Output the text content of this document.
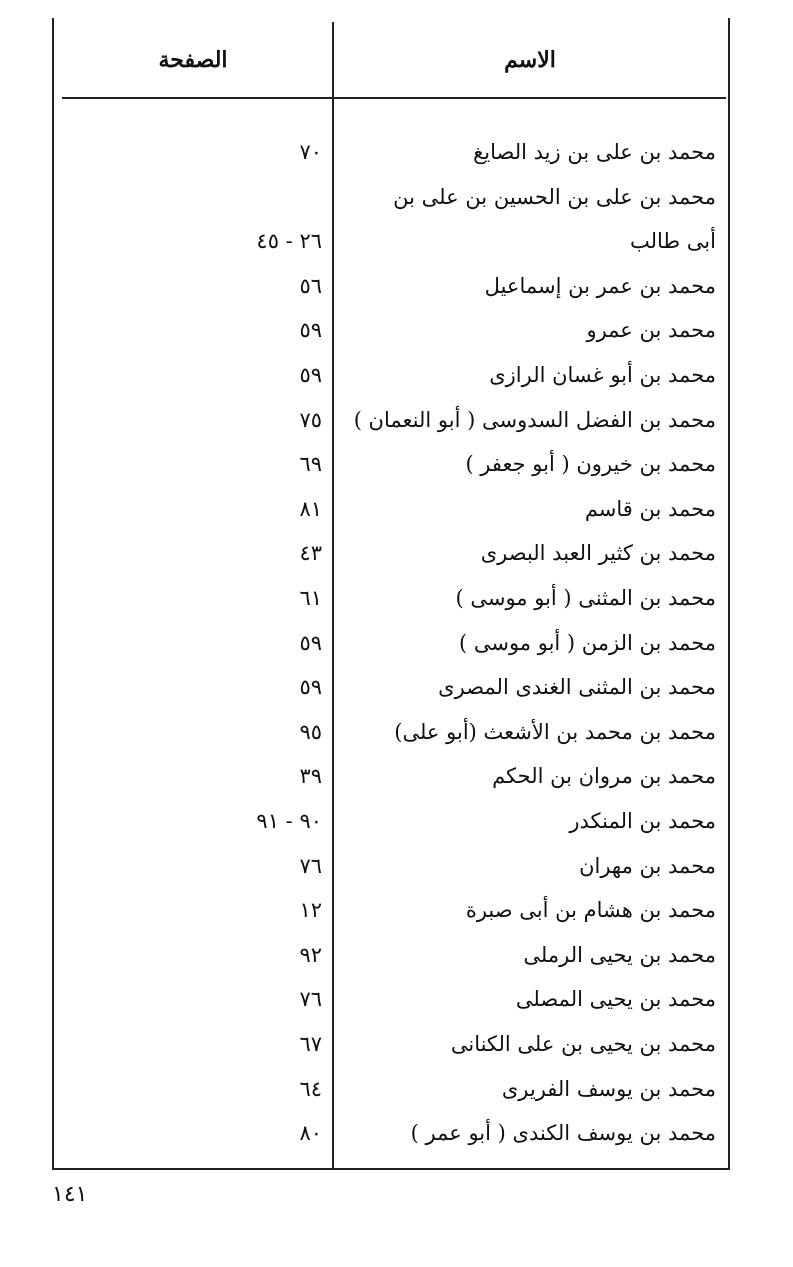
الصفحة	الاسم
محمد بن على بن زيد الصايغ
٧٠
محمد بن على بن الحسين بن على بن
أبى طالب
٢٦ - ٤٥
محمد بن عمر بن إسماعيل
٥٦
محمد بن عمرو
٥٩
محمد بن أبو غسان الرازى
٥٩
محمد بن الفضل السدوسى ( أبو النعمان )
٧٥
محمد بن خيرون ( أبو جعفر )
٦٩
محمد بن قاسم
٨١
محمد بن كثير العبد البصرى
٤٣
محمد بن المثنى ( أبو موسى )
٦١
محمد بن الزمن ( أبو موسى )
٥٩
محمد بن المثنى الغندى المصرى
٥٩
محمد بن محمد بن الأشعث (أبو على)
٩٥
محمد بن مروان بن الحكم
٣٩
محمد بن المنكدر
٩٠ - ٩١
محمد بن مهران
٧٦
محمد بن هشام بن أبى صبرة
١٢
محمد بن يحيى الرملى
٩٢
محمد بن يحيى المصلى
٧٦
محمد بن يحيى بن على الكنانى
٦٧
محمد بن يوسف الفريرى
٦٤
محمد بن يوسف الكندى ( أبو عمر )
٨٠
١٤١
